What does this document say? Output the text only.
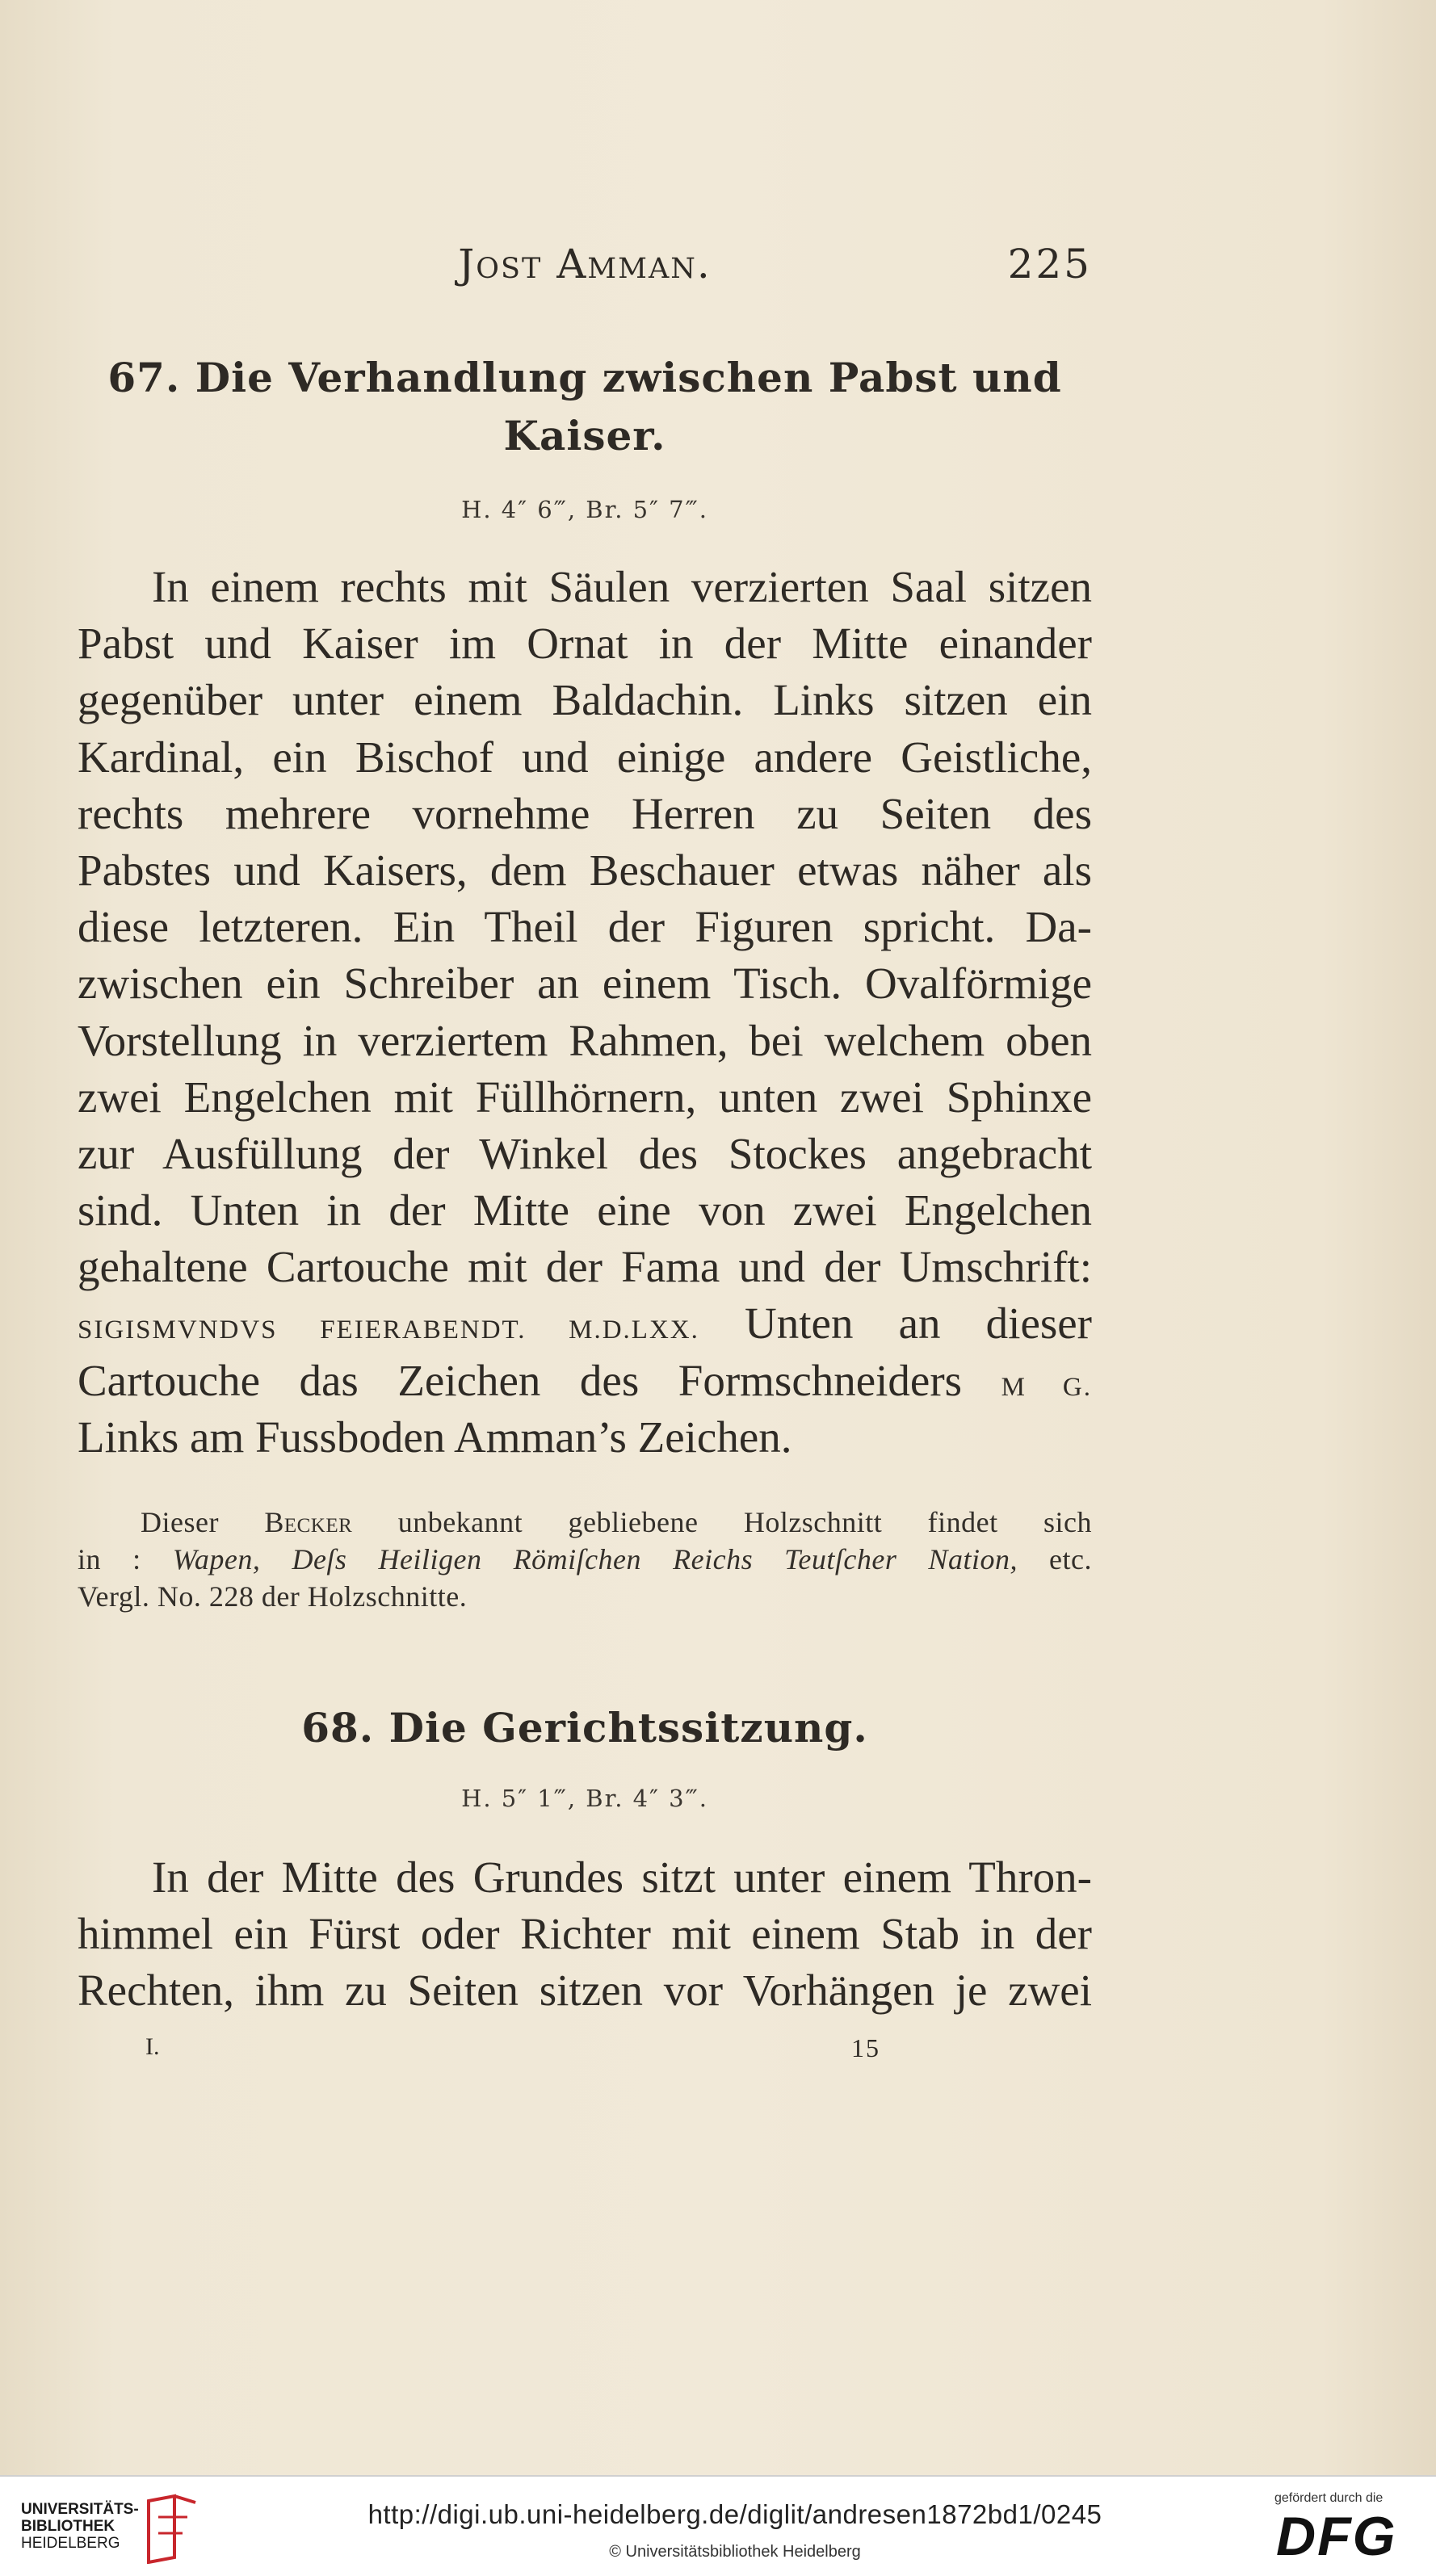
Jost Amman.	225
67. Die Verhandlung zwischen Pabst und
Kaiser.
H. 4″ 6‴, Br. 5″ 7‴.
In einem rechts mit Säulen verzierten Saal sitzen
Pabst und Kaiser im Ornat in der Mitte einander
gegenüber unter einem Baldachin. Links sitzen ein
Kardinal, ein Bischof und einige andere Geistliche,
rechts mehrere vornehme Herren zu Seiten des
Pabstes und Kaisers, dem Beschauer etwas näher als
diese letzteren. Ein Theil der Figuren spricht. Da-
zwischen ein Schreiber an einem Tisch. Ovalförmige
Vorstellung in verziertem Rahmen, bei welchem oben
zwei Engelchen mit Füllhörnern, unten zwei Sphinxe
zur Ausfüllung der Winkel des Stockes angebracht
sind. Unten in der Mitte eine von zwei Engelchen
gehaltene Cartouche mit der Fama und der Umschrift:
SIGISMVNDVS FEIERABENDT. M.D.LXX. Unten an dieser
Cartouche das Zeichen des Formschneiders M G.
Links am Fussboden Amman’s Zeichen.
Dieser Becker unbekannt gebliebene Holzschnitt findet sich
in : Wapen, Deſs Heiligen Römiſchen Reichs Teutſcher Nation, etc.
Vergl. No. 228 der Holzschnitte.
68. Die Gerichtssitzung.
H. 5″ 1‴, Br. 4″ 3‴.
In der Mitte des Grundes sitzt unter einem Thron-
himmel ein Fürst oder Richter mit einem Stab in der
Rechten, ihm zu Seiten sitzen vor Vorhängen je zwei
I.	15
UNIVERSITÄTS-
BIBLIOTHEK
HEIDELBERG
http://digi.ub.uni-heidelberg.de/diglit/andresen1872bd1/0245
© Universitätsbibliothek Heidelberg
gefördert durch die
DFG
